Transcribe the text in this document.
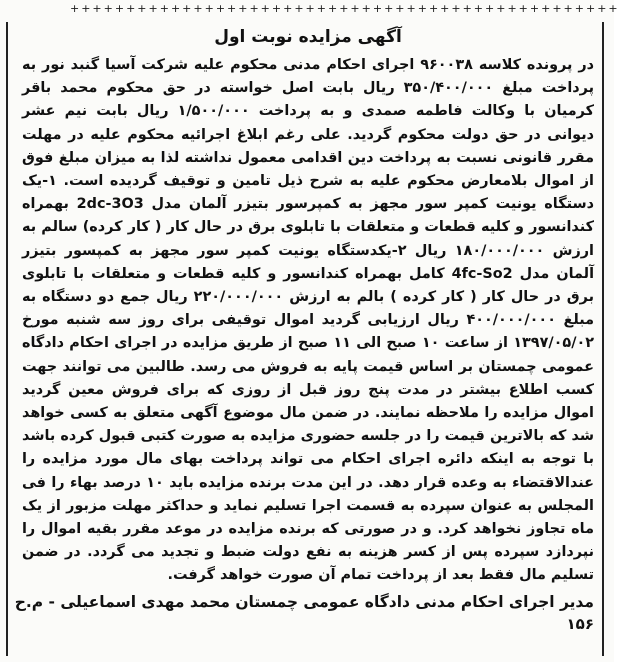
+++++++++++++++++++++++++++++++++++++++++++++++++
آگهی مزایده نوبت اول

در پرونده کلاسه ۹۶۰۰۳۸ اجرای احکام مدنی محکوم علیه شرکت آسیا گنبد نور به پرداخت مبلغ ۳۵۰/۴۰۰/۰۰۰ ریال بابت اصل خواسته در حق محکوم محمد باقر کرمیان با وکالت فاطمه صمدی و به پرداخت ۱/۵۰۰/۰۰۰ ریال بابت نیم عشر دیوانی در حق دولت محکوم گردید. علی رغم ابلاغ اجرائیه محکوم علیه در مهلت مقرر قانونی نسبت به پرداخت دین اقدامی معمول نداشته لذا به میزان مبلغ فوق از اموال بلامعارض محکوم علیه به شرح ذیل تامین و توقیف گردیده است. ۱-یک دستگاه یونیت کمپر سور مجهز به کمپرسور بتیزر آلمان مدل 2dc-3O3 بهمراه کندانسور و کلیه قطعات و متعلقات با تابلوی برق در حال کار ( کار کرده) سالم به ارزش ۱۸۰/۰۰۰/۰۰۰ ریال ۲-یکدستگاه یونیت کمپر سور مجهز به کمپسور بتیزر آلمان مدل 4fc-So2 کامل بهمراه کندانسور و کلیه قطعات و متعلقات با تابلوی برق در حال کار ( کار کرده ) بالم به ارزش ۲۲۰/۰۰۰/۰۰۰ ریال جمع دو دستگاه به مبلغ ۴۰۰/۰۰۰/۰۰۰ ریال ارزیابی گردید اموال توقیفی برای روز سه شنبه مورخ ۱۳۹۷/۰۵/۰۲ از ساعت ۱۰ صبح الی ۱۱ صبح از طریق مزایده در اجرای احکام دادگاه عمومی چمستان بر اساس قیمت پایه به فروش می رسد. طالبین می توانند جهت کسب اطلاع بیشتر در مدت پنج روز قبل از روزی که برای فروش معین گردید اموال مزایده را ملاحظه نمایند. در ضمن مال موضوع آگهی متعلق به کسی خواهد شد که بالاترین قیمت را در جلسه حضوری مزایده به صورت کتبی قبول کرده باشد با توجه به اینکه دائره اجرای احکام می تواند پرداخت بهای مال مورد مزایده را عندالاقتضاء به وعده قرار دهد. در این مدت برنده مزایده باید ۱۰ درصد بهاء را فی المجلس به عنوان سپرده به قسمت اجرا تسلیم نماید و حداکثر مهلت مزبور از یک ماه تجاوز نخواهد کرد. و در صورتی که برنده مزایده در موعد مقرر بقیه اموال را نپردازد سپرده پس از کسر هزینه به نفع دولت ضبط و تجدید می گردد. در ضمن تسلیم مال فقط بعد از پرداخت تمام آن صورت خواهد گرفت.

مدیر اجرای احکام مدنی دادگاه عمومی چمستان محمد مهدی اسماعیلی - م.ح
۱۵۶
